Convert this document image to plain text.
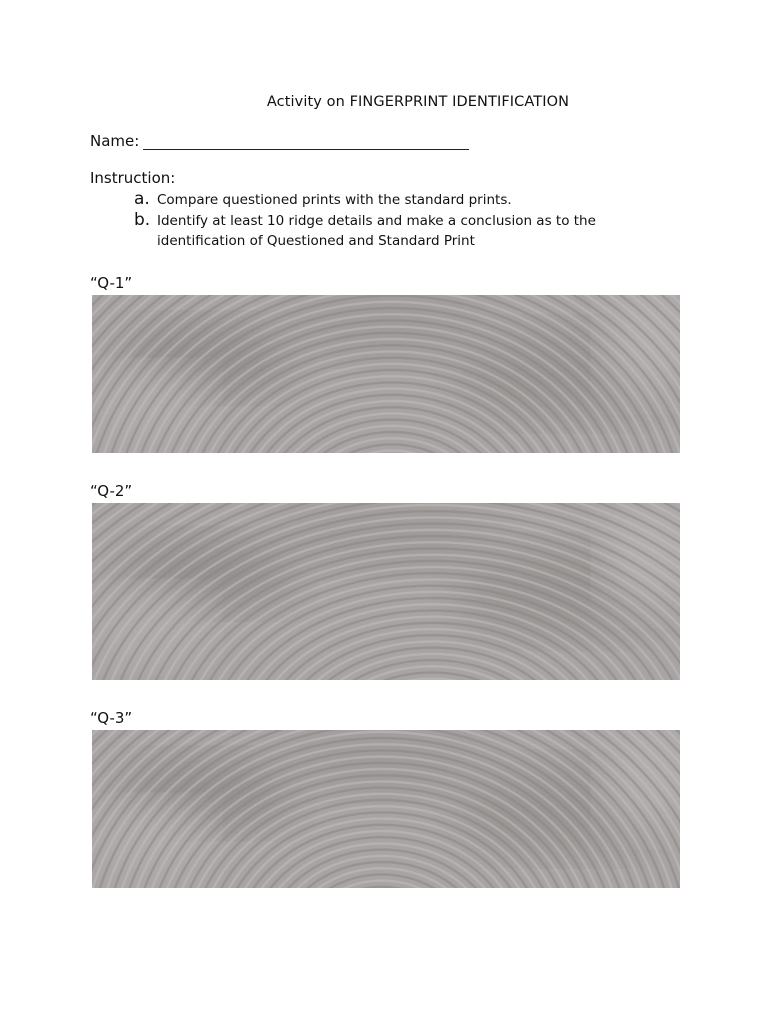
Activity on FINGERPRINT IDENTIFICATION
Name:
Instruction:
a. Compare questioned prints with the standard prints.
b. Identify at least 10 ridge details and make a conclusion as to the identification of Questioned and Standard Print
“Q-1”
“Q-2”
“Q-3”
